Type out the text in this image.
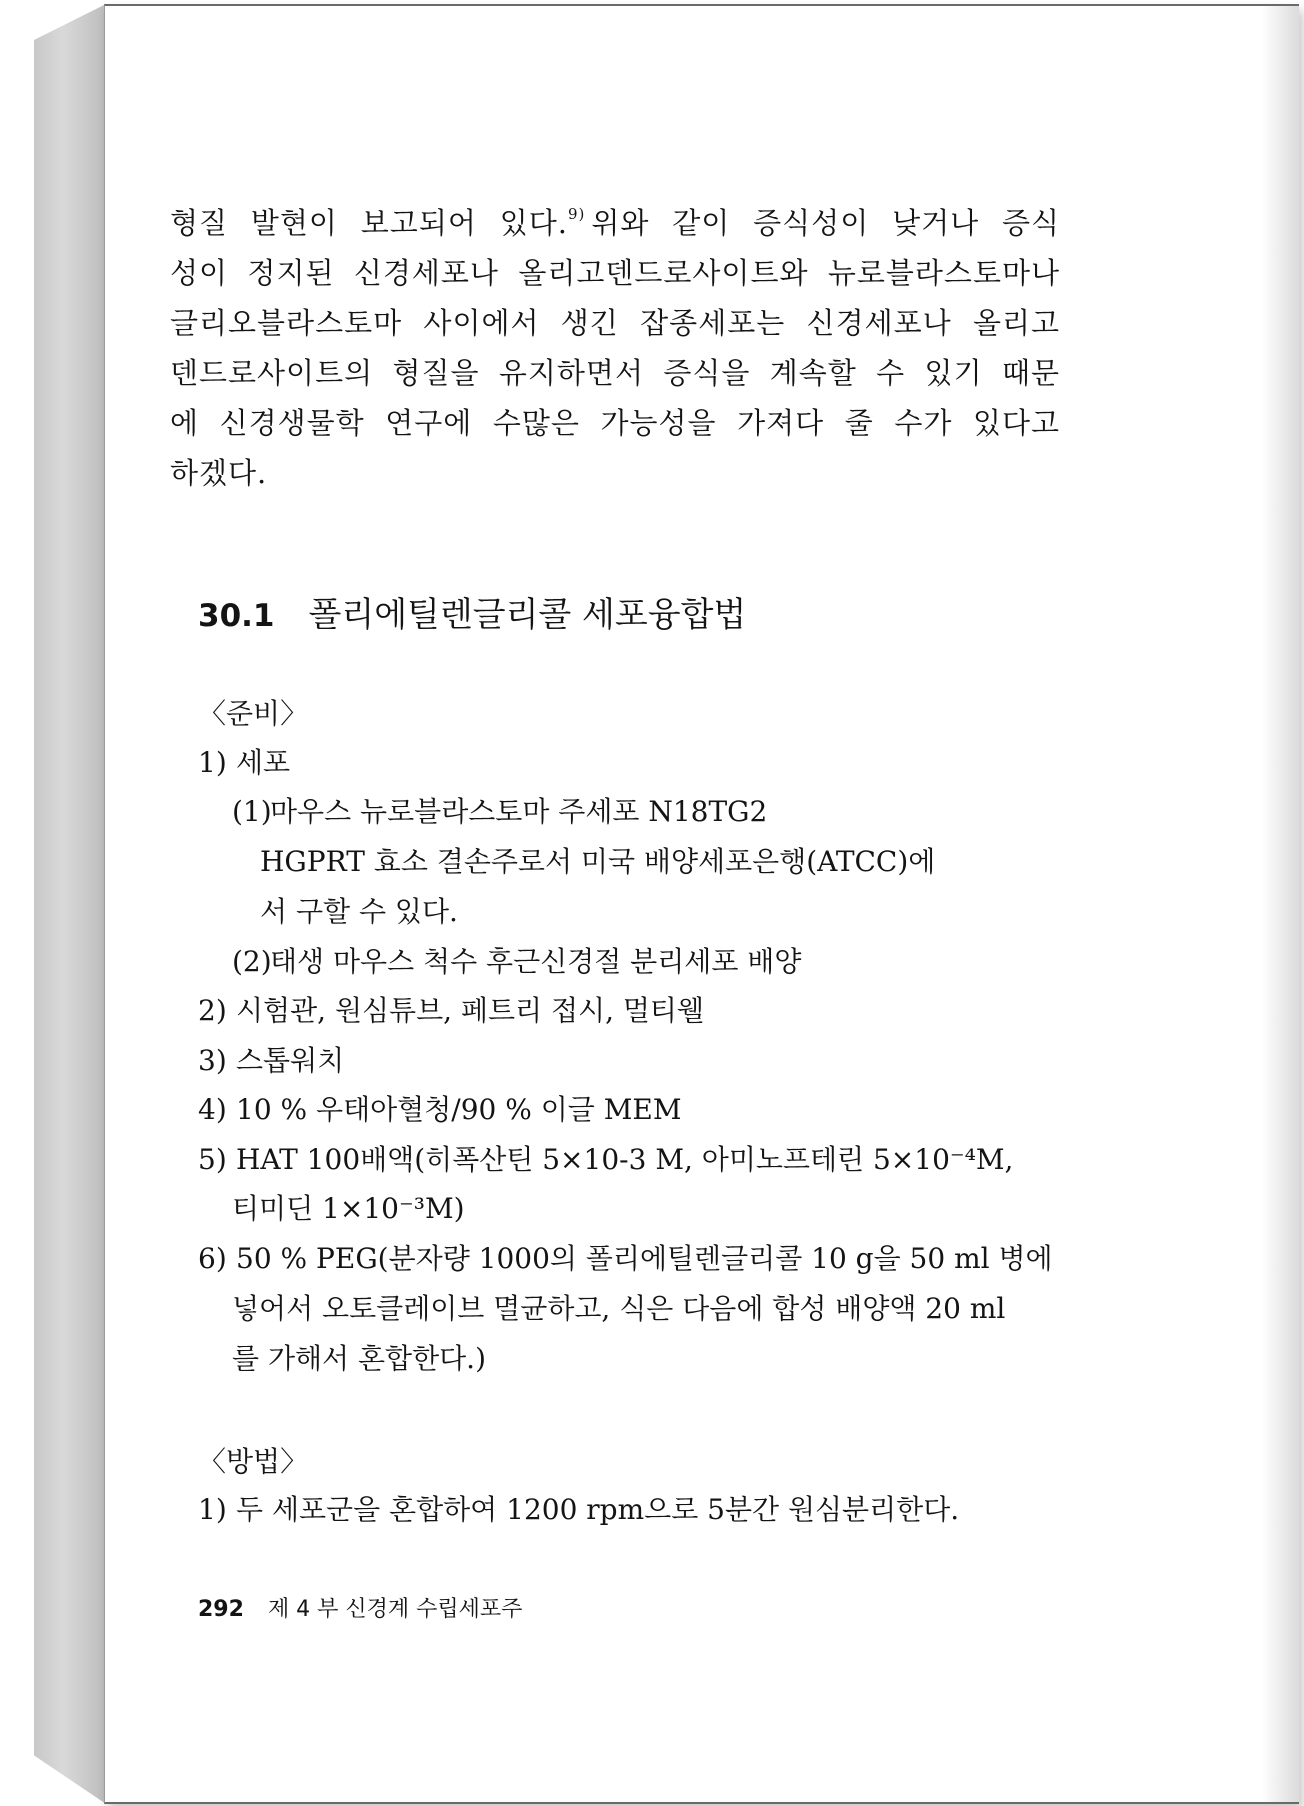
형질 발현이 보고되어 있다.$^{9)}$ 위와 같이 증식성이 낮거나 증식
성이 정지된 신경세포나 올리고덴드로사이트와 뉴로블라스토마나
글리오블라스토마 사이에서 생긴 잡종세포는 신경세포나 올리고
덴드로사이트의 형질을 유지하면서 증식을 계속할 수 있기 때문
에 신경생물학 연구에 수많은 가능성을 가져다 줄 수가 있다고
하겠다.
30.1 폴리에틸렌글리콜 세포융합법

〈준비〉

1) 세포

(1)마우스 뉴로블라스토마 주세포 N18TG2

HGPRT 효소 결손주로서 미국 배양세포은행(ATCC)에

서 구할 수 있다.

(2)태생 마우스 척수 후근신경절 분리세포 배양

2) 시험관, 원심튜브, 페트리 접시, 멀티웰

3) 스톱워치

4) 10 % 우태아혈청/90 % 이글 MEM

5) HAT 100배액(히폭산틴 5×10-3 M, 아미노프테린 5×10⁻⁴M,

티미딘 1×10⁻³M)

6) 50 % PEG(분자량 1000의 폴리에틸렌글리콜 10 g을 50 ml 병에

넣어서 오토클레이브 멸균하고, 식은 다음에 합성 배양액 20 ml

를 가해서 혼합한다.)

〈방법〉

1) 두 세포군을 혼합하여 1200 rpm으로 5분간 원심분리한다.

292 제 4 부 신경계 수립세포주
